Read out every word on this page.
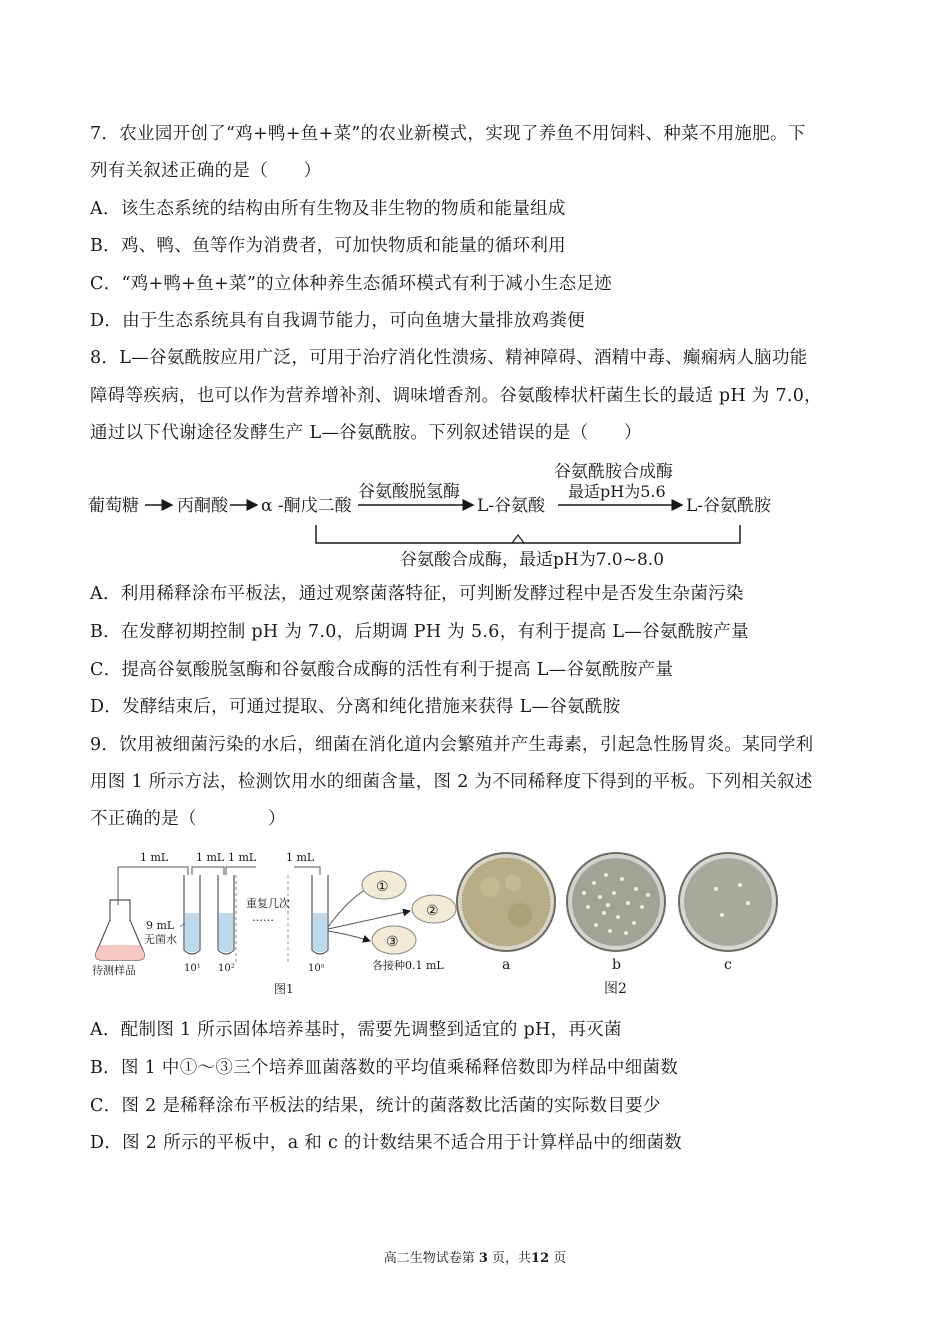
7．农业园开创了“鸡+鸭+鱼+菜”的农业新模式，实现了养鱼不用饲料、种菜不用施肥。下
列有关叙述正确的是（　　）
A．该生态系统的结构由所有生物及非生物的物质和能量组成
B．鸡、鸭、鱼等作为消费者，可加快物质和能量的循环利用
C．“鸡+鸭+鱼+菜”的立体种养生态循环模式有利于减小生态足迹
D．由于生态系统具有自我调节能力，可向鱼塘大量排放鸡粪便
8．L—谷氨酰胺应用广泛，可用于治疗消化性溃疡、精神障碍、酒精中毒、癫痫病人脑功能
障碍等疾病，也可以作为营养增补剂、调味增香剂。谷氨酸棒状杆菌生长的最适 pH 为 7.0，
通过以下代谢途径发酵生产 L—谷氨酰胺。下列叙述错误的是（　　）
葡萄糖 丙酮酸 α -酮戊二酸
谷氨酸脱氢酶
L-谷氨酸
谷氨酰胺合成酶
最适pH为5.6
L-谷氨酰胺
谷氨酸合成酶，最适pH为7.0~8.0
A．利用稀释涂布平板法，通过观察菌落特征，可判断发酵过程中是否发生杂菌污染
B．在发酵初期控制 pH 为 7.0，后期调 PH 为 5.6，有利于提高 L—谷氨酰胺产量
C．提高谷氨酸脱氢酶和谷氨酸合成酶的活性有利于提高 L—谷氨酰胺产量
D．发酵结束后，可通过提取、分离和纯化措施来获得 L—谷氨酰胺
9．饮用被细菌污染的水后，细菌在消化道内会繁殖并产生毒素，引起急性肠胃炎。某同学利
用图 1 所示方法，检测饮用水的细菌含量，图 2 为不同稀释度下得到的平板。下列相关叙述
不正确的是（　　　　）
1 mL	1 mL 1 mL
9 mL
无菌水
待测样品	10¹ 10²
重复几次
……
1 mL
10ⁿ
①
②
③
各接种0.1 mL
图1
a	b	c
图2
A．配制图 1 所示固体培养基时，需要先调整到适宜的 pH，再灭菌
B．图 1 中①～③三个培养皿菌落数的平均值乘稀释倍数即为样品中细菌数
C．图 2 是稀释涂布平板法的结果，统计的菌落数比活菌的实际数目要少
D．图 2 所示的平板中，a 和 c 的计数结果不适合用于计算样品中的细菌数
高二生物试卷第 3 页，共12 页
